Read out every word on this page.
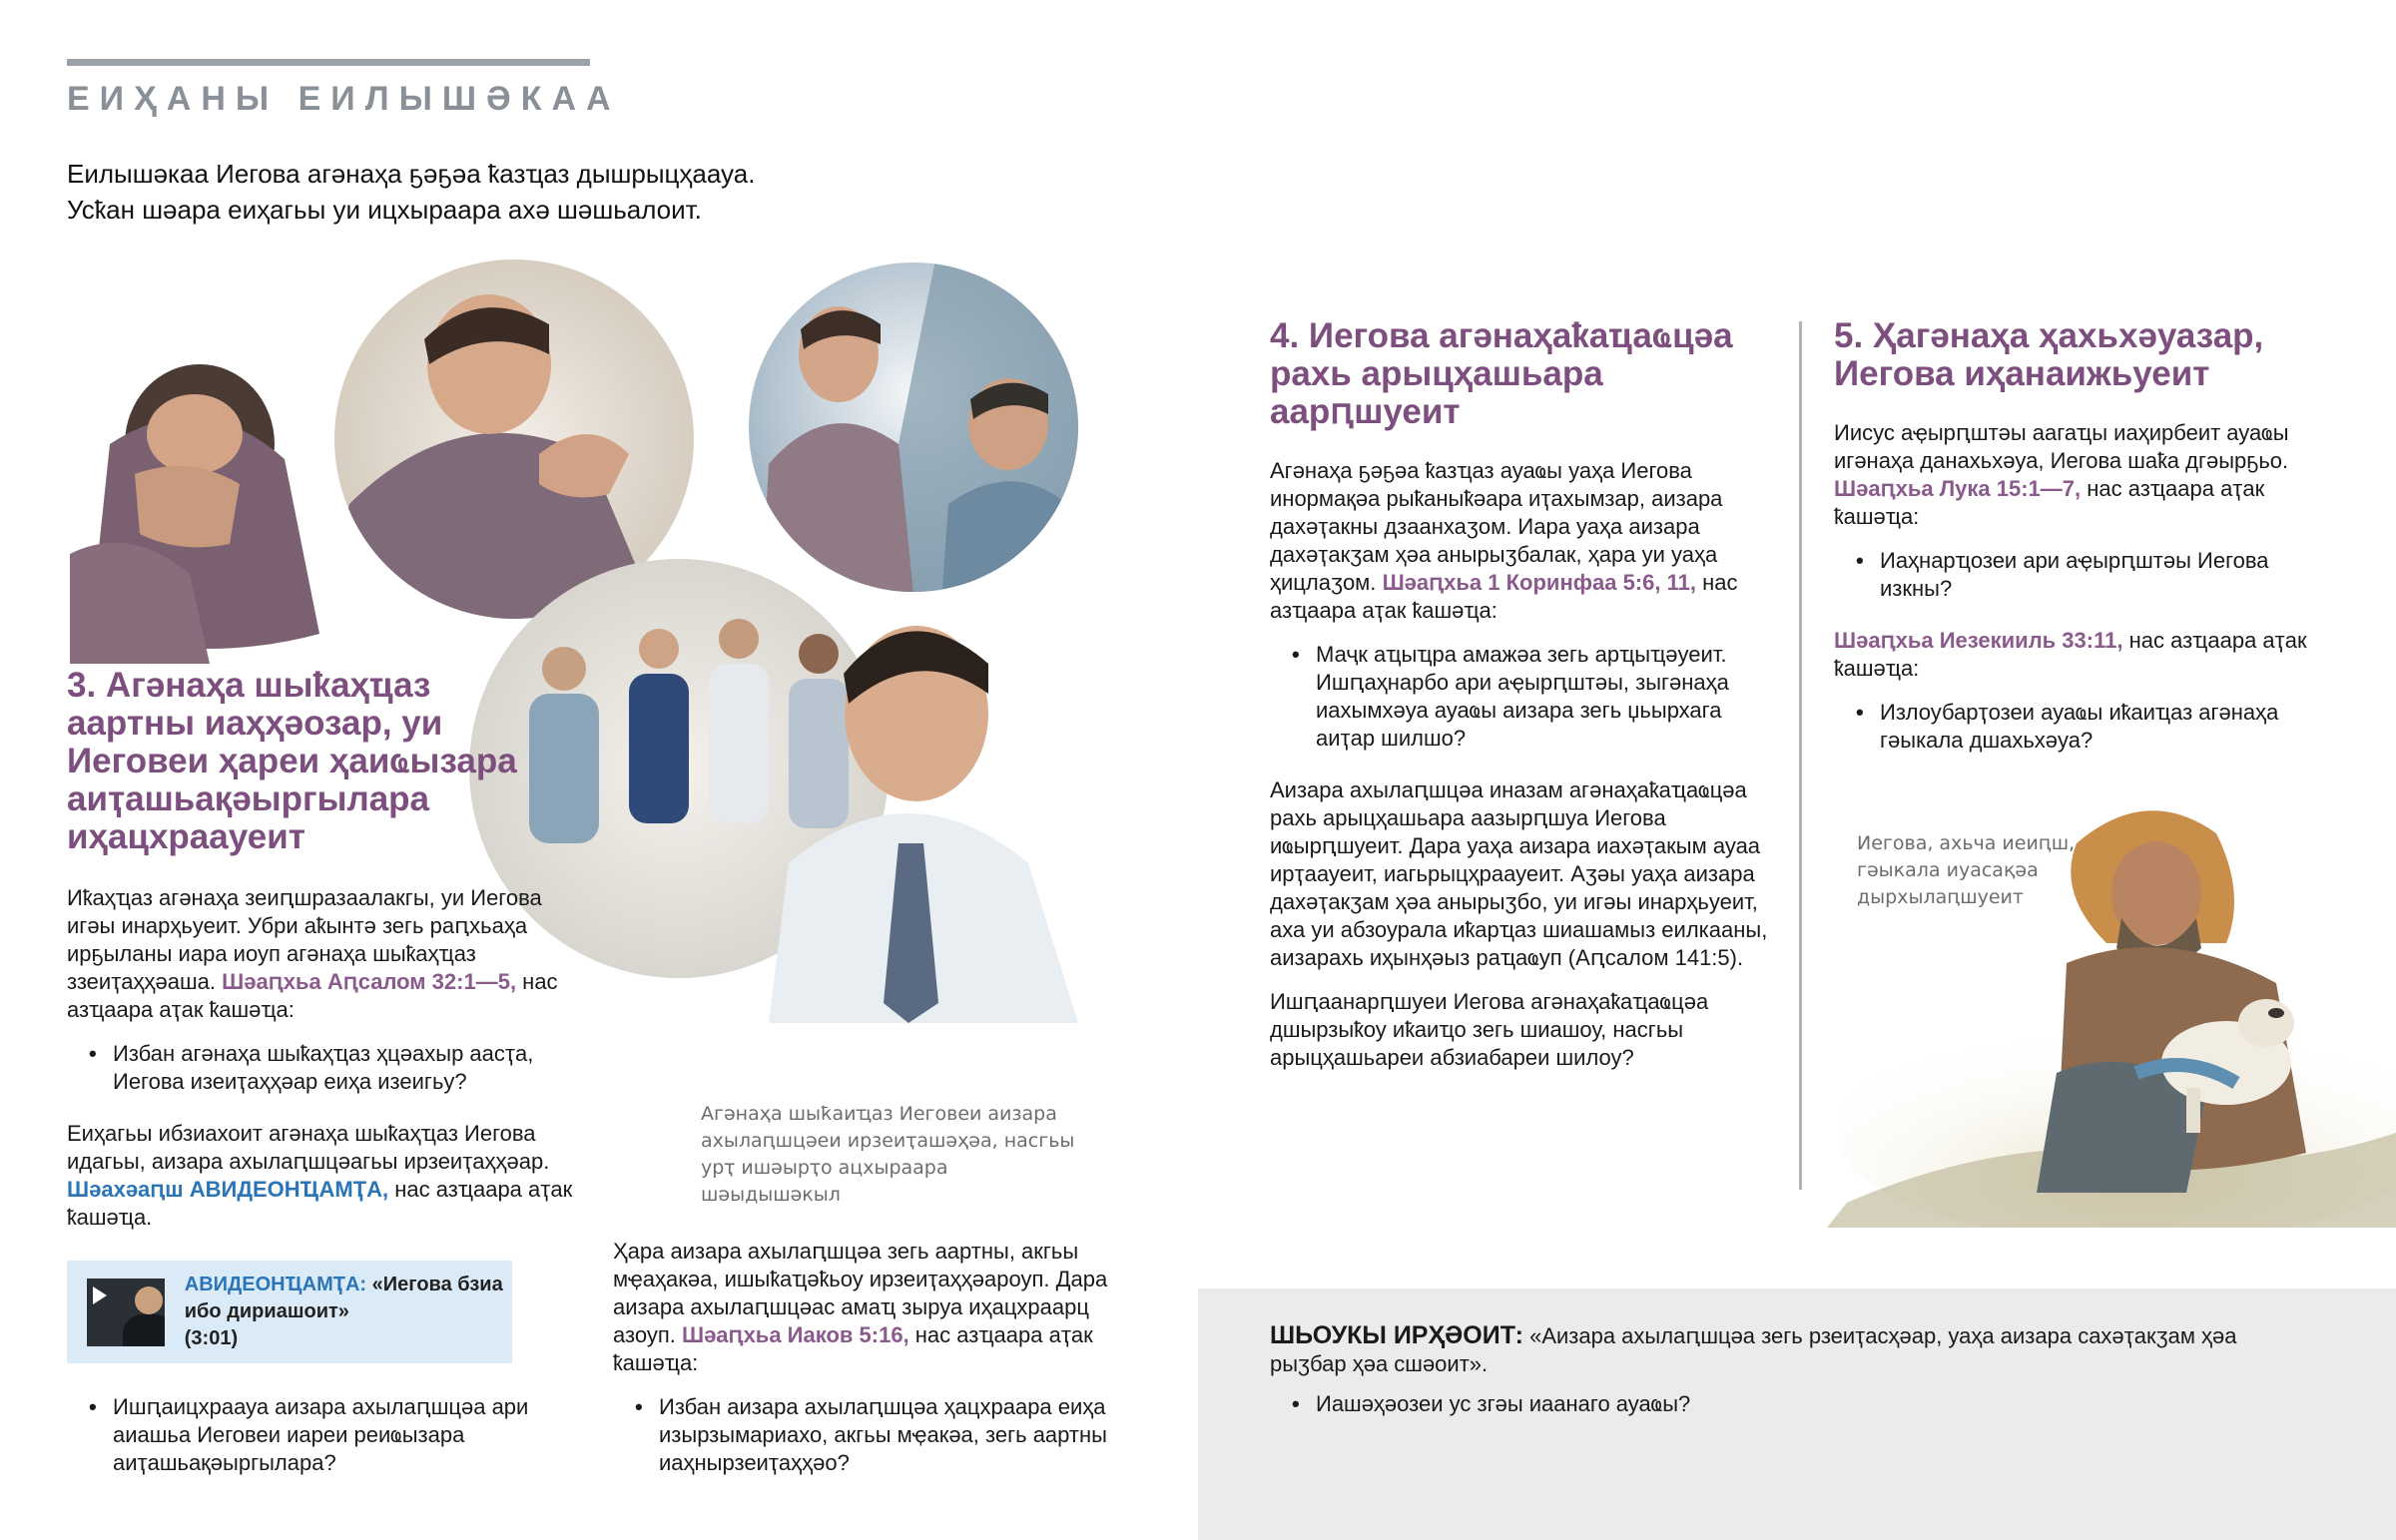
ЕИҲАНЫ ЕИЛЫШӘКАА

Еилышәкаа Иегова агәнаҳа ҕәҕәа ҟазҵаз дышрыцҳаауа.

Усҟан шәара еиҳагьы уи ицхыраара ахә шәшьалоит.

3. Агәнаҳа шыҟаҳҵаз аартны иаҳҳәозар, уи Иеговеи ҳареи ҳаиҩызара аиҭашьақәыргылара иҳацхраауеит

Иҟаҳҵаз агәнаҳа зеиԥшразаалакгы, уи Иегова игәы инарҳьуеит. Убри аҟынтә зегь раԥхьаҳа ирҕыланы иара иоуп агәнаҳа шыҟаҳҵаз ззеиҭаҳҳәаша. Шәаԥхьа Аԥсалом 32:1—5, нас азҵаара аҭак ҟашәҵа:

• Избан агәнаҳа шыҟаҳҵаз ҳцәахыр аасҭа, Иегова изеиҭаҳҳәар еиҳа изеигьу?

Еиҳагьы ибзиахоит агәнаҳа шыҟаҳҵаз Иегова идагьы, аизара ахылаԥшцәагьы ирзеиҭаҳҳәар. Шәахәаԥш АВИДЕОНҴАМҬА, нас азҵаара аҭак ҟашәҵа.

АВИДЕОНҴАМҬА: «Иегова бзиа ибо дириашоит»
(3:01)
• Ишԥаицхраауа аизара ахылаԥшцәа ари аиашьа Иеговеи иареи реиҩызара аиҭашьақәыргылара?
Агәнаҳа шыҟаиҵаз Иеговеи аизара ахылаԥшцәеи ирзеиҭашәҳәа, насгьы урҭ ишәырҭо ацхыраара шәыдышәкыл

Ҳара аизара ахылаԥшцәа зегь аартны, акгьы мҿаҳакәа, ишыҟаҵәҟьоу ирзеиҭаҳҳәароуп. Дара аизара ахылаԥшцәас амаҵ зыруа иҳацхраарц азоуп. Шәаԥхьа Иаков 5:16, нас азҵаара аҭак ҟашәҵа:

• Избан аизара ахылаԥшцәа ҳацхраара еиҳа изырзымариахо, акгьы мҿакәа, зегь аартны иаҳнырзеиҭаҳҳәо?
4. Иегова агәнаҳаҟаҵаҩцәа рахь арыцҳашьара аарԥшуеит

Агәнаҳа ҕәҕәа ҟазҵаз ауаҩы уаҳа Иегова инормақәа рыҟаныҟәара иҭахымзар, аизара дахәҭакны дзаанхаӡом. Иара уаҳа аизара дахәҭакӡам ҳәа анырыӡбалак, ҳара уи уаҳа ҳицлаӡом. Шәаԥхьа 1 Коринфаа 5:6, 11, нас азҵаара аҭак ҟашәҵа:

• Маҷк аҵыҵра амажәа зегь арҵыҵәуеит. Ишԥаҳнарбо ари аҿырԥштәы, зыгәнаҳа иахымхәуа ауаҩы аизара зегь џьырхага аиҭар шилшо?

Аизара ахылаԥшцәа иназам агәнаҳаҟаҵаҩцәа рахь арыцҳашьара аазырԥшуа Иегова иҩырԥшуеит. Дара уаҳа аизара иахәҭакым ауаа ирҭаауеит, иагьрыцҳраауеит. Аӡәы уаҳа аизара дахәҭакӡам ҳәа анырыӡбо, уи игәы инарҳьуеит, аха уи абзоурала иҟарҵаз шиашамыз еилкааны, аизарахь иҳынҳәыз раҵаҩуп (Аԥсалом 141:5).

Ишԥаанарԥшуеи Иегова агәнаҳаҟаҵаҩцәа дшырзыҟоу иҟаиҵо зегь шиашоу, насгьы арыцҳашьареи абзиабареи шилоу?

5. Ҳагәнаҳа ҳахьхәуазар, Иегова иҳанаижьуеит

Иисус аҿырԥштәы аагаҵы иаҳирбеит ауаҩы игәнаҳа данахьхәуа, Иегова шаҟа дгәырҕьо. Шәаԥхьа Лука 15:1—7, нас азҵаара аҭак ҟашәҵа:

• Иаҳнарҵозеи ари аҿырԥштәы Иегова изкны?

Шәаԥхьа Иезекииль 33:11, нас азҵаара аҭак ҟашәҵа:

• Излоубарҭозеи ауаҩы иҟаиҵаз агәнаҳа гәыкала дшахьхәуа?
Иегова, ахьча иеиԥш, гәыкала иуасақәа дырхылаԥшуеит

ШЬОУКЫ ИРҲӘОИТ: «Аизара ахылаԥшцәа зегь рзеиҭасҳәар, уаҳа аизара сахәҭакӡам ҳәа рыӡбар ҳәа сшәоит».

• Иашәҳәозеи ус згәы иаанаго ауаҩы?
